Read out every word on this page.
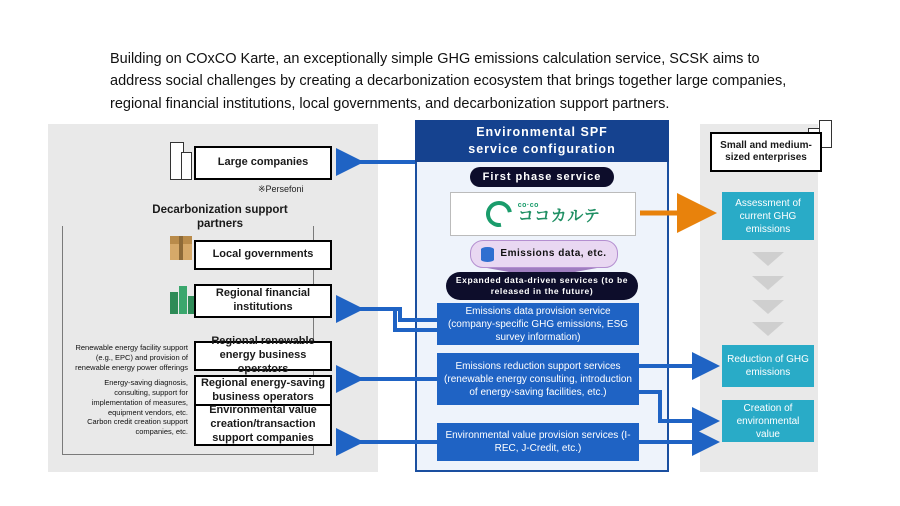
Building on COxCO Karte, an exceptionally simple GHG emissions calculation service, SCSK aims to address social challenges by creating a decarbonization ecosystem that brings together large companies, regional financial institutions, local governments, and decarbonization support partners.
Large companies
※Persefoni
Decarbonization support partners
Local governments
Regional financial institutions
Regional renewable energy business operators
Regional energy-saving business operators
Environmental value creation/transaction support companies
Renewable energy facility support (e.g., EPC) and provision of renewable energy power offerings
Energy-saving diagnosis, consulting, support for implementation of measures, equipment vendors, etc.
Carbon credit creation support companies, etc.
Environmental SPF
service configuration
First phase service
co·co
ココカルテ
Emissions data, etc.
Expanded data-driven services (to be released in the future)
Emissions data provision service (company-specific GHG emissions, ESG survey information)
Emissions reduction support services (renewable energy consulting, introduction of energy-saving facilities, etc.)
Environmental value provision services (I-REC, J-Credit, etc.)
Small and medium-sized enterprises
Assessment of current GHG emissions
Reduction of GHG emissions
Creation of environmental value
